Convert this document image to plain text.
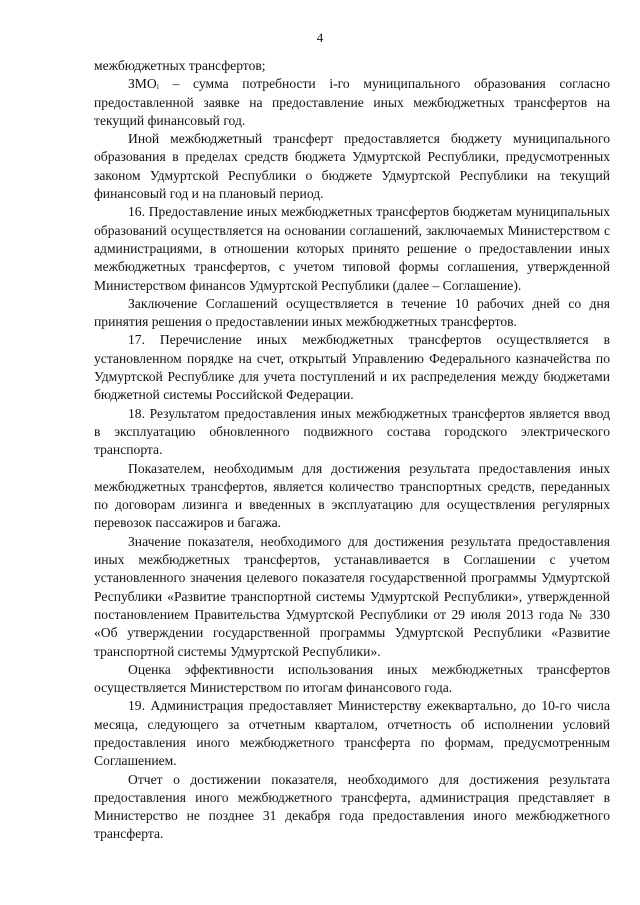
4

межбюджетных трансфертов;

ЗМОᵢ – сумма потребности i-го муниципального образования согласно предоставленной заявке на предоставление иных межбюджетных трансфертов на текущий финансовый год.

Иной межбюджетный трансферт предоставляется бюджету муниципального образования в пределах средств бюджета Удмуртской Республики, предусмотренных законом Удмуртской Республики о бюджете Удмуртской Республики на текущий финансовый год и на плановый период.

16. Предоставление иных межбюджетных трансфертов бюджетам муниципальных образований осуществляется на основании соглашений, заключаемых Министерством с администрациями, в отношении которых принято решение о предоставлении иных межбюджетных трансфертов, с учетом типовой формы соглашения, утвержденной Министерством финансов Удмуртской Республики (далее – Соглашение).

Заключение Соглашений осуществляется в течение 10 рабочих дней со дня принятия решения о предоставлении иных межбюджетных трансфертов.

17. Перечисление иных межбюджетных трансфертов осуществляется в установленном порядке на счет, открытый Управлению Федерального казначейства по Удмуртской Республике для учета поступлений и их распределения между бюджетами бюджетной системы Российской Федерации.

18. Результатом предоставления иных межбюджетных трансфертов является ввод в эксплуатацию обновленного подвижного состава городского электрического транспорта.

Показателем, необходимым для достижения результата предоставления иных межбюджетных трансфертов, является количество транспортных средств, переданных по договорам лизинга и введенных в эксплуатацию для осуществления регулярных перевозок пассажиров и багажа.

Значение показателя, необходимого для достижения результата предоставления иных межбюджетных трансфертов, устанавливается в Соглашении с учетом установленного значения целевого показателя государственной программы Удмуртской Республики «Развитие транспортной системы Удмуртской Республики», утвержденной постановлением Правительства Удмуртской Республики от 29 июля 2013 года № 330 «Об утверждении государственной программы Удмуртской Республики «Развитие транспортной системы Удмуртской Республики».

Оценка эффективности использования иных межбюджетных трансфертов осуществляется Министерством по итогам финансового года.

19. Администрация предоставляет Министерству ежеквартально, до 10-го числа месяца, следующего за отчетным кварталом, отчетность об исполнении условий предоставления иного межбюджетного трансферта по формам, предусмотренным Соглашением.

Отчет о достижении показателя, необходимого для достижения результата предоставления иного межбюджетного трансферта, администрация представляет в Министерство не позднее 31 декабря года предоставления иного межбюджетного трансферта.
